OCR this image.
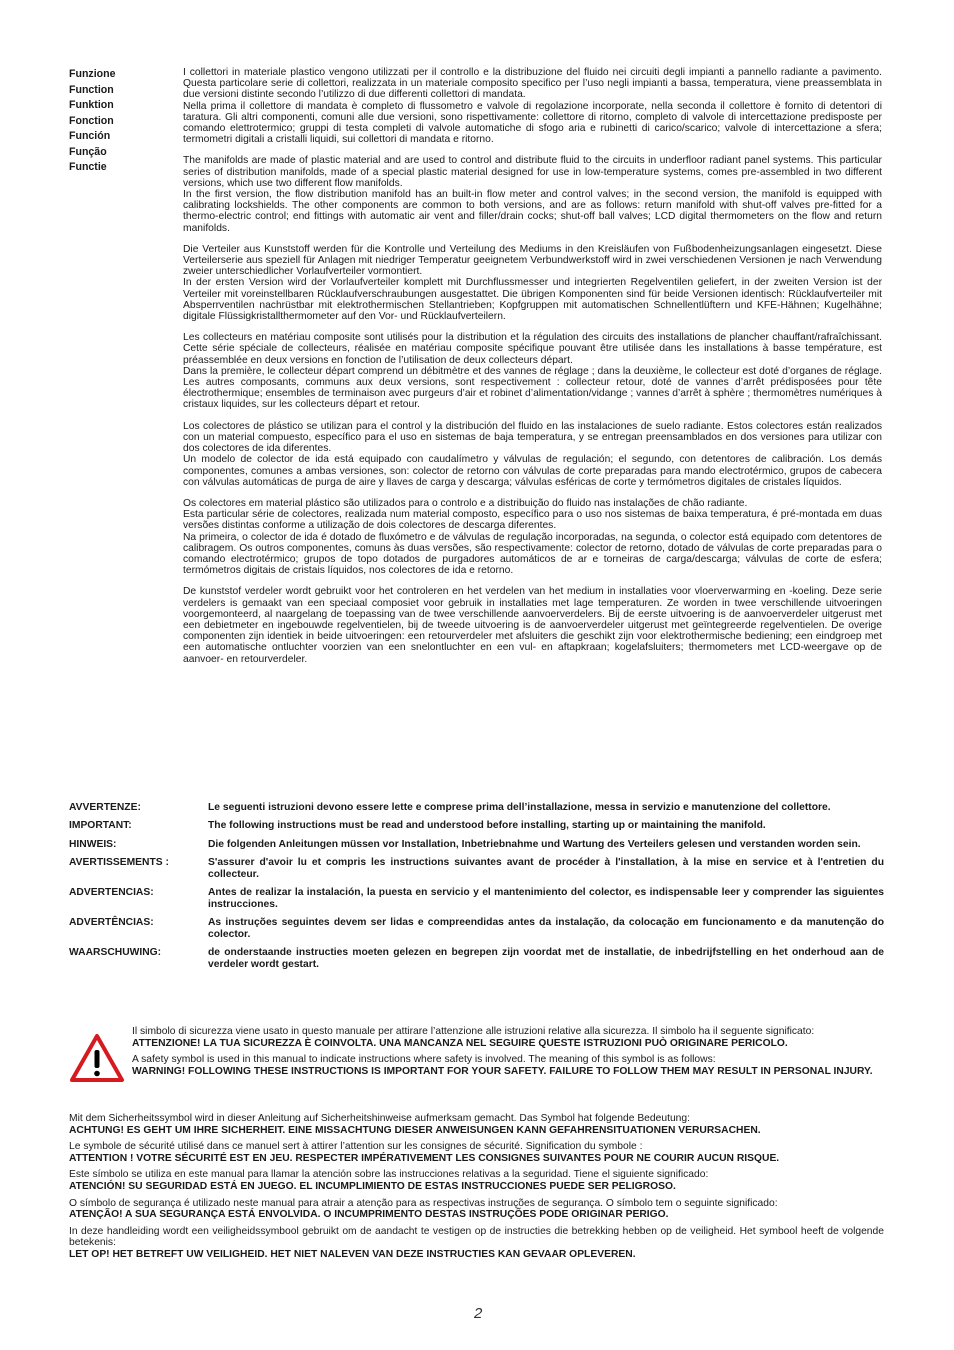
Funzione
Function
Funktion
Fonction
Función
Função
Functie

I collettori in materiale plastico vengono utilizzati per il controllo e la distribuzione del fluido nei circuiti degli impianti a pannello radiante a pavimento. Questa particolare serie di collettori, realizzata in un materiale composito specifico per l’uso negli impianti a bassa, temperatura, viene preassemblata in due versioni distinte secondo l’utilizzo di due differenti collettori di mandata.

Nella prima il collettore di mandata è completo di flussometro e valvole di regolazione incorporate, nella seconda il collettore è fornito di detentori di taratura. Gli altri componenti, comuni alle due versioni, sono rispettivamente: collettore di ritorno, completo di valvole di intercettazione predisposte per comando elettrotermico; gruppi di testa completi di valvole automatiche di sfogo aria e rubinetti di carico/scarico; valvole di intercettazione a sfera; termometri digitali a cristalli liquidi, sui collettori di mandata e ritorno.

The manifolds are made of plastic material and are used to control and distribute fluid to the circuits in underfloor radiant panel systems. This particular series of distribution manifolds, made of a special plastic material designed for use in low-temperature systems, comes pre-assembled in two different versions, which use two different flow manifolds.

In the first version, the flow distribution manifold has an built-in flow meter and control valves; in the second version, the manifold is equipped with calibrating lockshields. The other components are common to both versions, and are as follows: return manifold with shut-off valves pre-fitted for a thermo-electric control; end fittings with automatic air vent and filler/drain cocks; shut-off ball valves; LCD digital thermometers on the flow and return manifolds.

Die Verteiler aus Kunststoff werden für die Kontrolle und Verteilung des Mediums in den Kreisläufen von Fußbodenheizungsanlagen eingesetzt. Diese Verteilerserie aus speziell für Anlagen mit niedriger Temperatur geeignetem Verbundwerkstoff wird in zwei verschiedenen Versionen je nach Verwendung zweier unterschiedlicher Vorlaufverteiler vormontiert.

In der ersten Version wird der Vorlaufverteiler komplett mit Durchflussmesser und integrierten Regelventilen geliefert, in der zweiten Version ist der Verteiler mit voreinstellbaren Rücklaufverschraubungen ausgestattet. Die übrigen Komponenten sind für beide Versionen identisch: Rücklaufverteiler mit Absperrventilen nachrüstbar mit elektrothermischen Stellantrieben; Kopfgruppen mit automatischen Schnellentlüftern und KFE-Hähnen; Kugelhähne; digitale Flüssigkristallthermometer auf den Vor- und Rücklaufverteilern.

Les collecteurs en matériau composite sont utilisés pour la distribution et la régulation des circuits des installations de plancher chauffant/rafraîchissant. Cette série spéciale de collecteurs, réalisée en matériau composite spécifique pouvant être utilisée dans les installations à basse température, est préassemblée en deux versions en fonction de l’utilisation de deux collecteurs départ.

Dans la première, le collecteur départ comprend un débitmètre et des vannes de réglage ; dans la deuxième, le collecteur est doté d’organes de réglage. Les autres composants, communs aux deux versions, sont respectivement : collecteur retour, doté de vannes d’arrêt prédisposées pour tête électrothermique; ensembles de terminaison avec purgeurs d’air et robinet d’alimentation/vidange ; vannes d’arrêt à sphère ; thermomètres numériques à cristaux liquides, sur les collecteurs départ et retour.

Los colectores de plástico se utilizan para el control y la distribución del fluido en las instalaciones de suelo radiante. Estos colectores están realizados con un material compuesto, específico para el uso en sistemas de baja temperatura, y se entregan preensamblados en dos versiones para utilizar con dos colectores de ida diferentes.

Un modelo de colector de ida está equipado con caudalímetro y válvulas de regulación; el segundo, con detentores de calibración. Los demás componentes, comunes a ambas versiones, son: colector de retorno con válvulas de corte preparadas para mando electrotérmico, grupos de cabecera con válvulas automáticas de purga de aire y llaves de carga y descarga; válvulas esféricas de corte y termómetros digitales de cristales líquidos.

Os colectores em material plástico são utilizados para o controlo e a distribuição do fluido nas instalações de chão radiante.

Esta particular série de colectores, realizada num material composto, específico para o uso nos sistemas de baixa temperatura, é pré-montada em duas versões distintas conforme a utilização de dois colectores de descarga diferentes.

Na primeira, o colector de ida é dotado de fluxómetro e de válvulas de regulação incorporadas, na segunda, o colector está equipado com detentores de calibragem. Os outros componentes, comuns às duas versões, são respectivamente: colector de retorno, dotado de válvulas de corte preparadas para o comando electrotérmico; grupos de topo dotados de purgadores automáticos de ar e torneiras de carga/descarga; válvulas de corte de esfera; termómetros digitais de cristais líquidos, nos colectores de ida e retorno.

De kunststof verdeler wordt gebruikt voor het controleren en het verdelen van het medium in installaties voor vloerverwarming en -koeling. Deze serie verdelers is gemaakt van een speciaal composiet voor gebruik in installaties met lage temperaturen. Ze worden in twee verschillende uitvoeringen voorgemonteerd, al naargelang de toepassing van de twee verschillende aanvoerverdelers. Bij de eerste uitvoering is de aanvoerverdeler uitgerust met een debietmeter en ingebouwde regelventielen, bij de tweede uitvoering is de aanvoerverdeler uitgerust met geïntegreerde regelventielen. De overige componenten zijn identiek in beide uitvoeringen: een retourverdeler met afsluiters die geschikt zijn voor elektrothermische bediening; een eindgroep met een automatische ontluchter voorzien van een snelontluchter en een vul- en aftapkraan; kogelafsluiters; thermometers met LCD-weergave op de aanvoer- en retourverdeler.

AVVERTENZE:	Le seguenti istruzioni devono essere lette e comprese prima dell’installazione, messa in servizio e manutenzione del collettore.
IMPORTANT:	The following instructions must be read and understood before installing, starting up or maintaining the manifold.
HINWEIS:	Die folgenden Anleitungen müssen vor Installation, Inbetriebnahme und Wartung des Verteilers gelesen und verstanden worden sein.
AVERTISSEMENTS :	S'assurer d'avoir lu et compris les instructions suivantes avant de procéder à l'installation, à la mise en service et à l'entretien du collecteur.
ADVERTENCIAS:	Antes de realizar la instalación, la puesta en servicio y el mantenimiento del colector, es indispensable leer y comprender las siguientes instrucciones.
ADVERTÊNCIAS:	As instruções seguintes devem ser lidas e compreendidas antes da instalação, da colocação em funcionamento e da manutenção do colector.
WAARSCHUWING:	de onderstaande instructies moeten gelezen en begrepen zijn voordat met de installatie, de inbedrijfstelling en het onderhoud aan de verdeler wordt gestart.

Il simbolo di sicurezza viene usato in questo manuale per attirare l’attenzione alle istruzioni relative alla sicurezza. Il simbolo ha il seguente significato:

ATTENZIONE! LA TUA SICUREZZA È COINVOLTA. UNA MANCANZA NEL SEGUIRE QUESTE ISTRUZIONI PUÒ ORIGINARE PERICOLO.

A safety symbol is used in this manual to indicate instructions where safety is involved. The meaning of this symbol is as follows:

WARNING! FOLLOWING THESE INSTRUCTIONS IS IMPORTANT FOR YOUR SAFETY. FAILURE TO FOLLOW THEM MAY RESULT IN PERSONAL INJURY.

Mit dem Sicherheitssymbol wird in dieser Anleitung auf Sicherheitshinweise aufmerksam gemacht. Das Symbol hat folgende Bedeutung:

ACHTUNG! ES GEHT UM IHRE SICHERHEIT. EINE MISSACHTUNG DIESER ANWEISUNGEN KANN GEFAHRENSITUATIONEN VERURSACHEN.

Le symbole de sécurité utilisé dans ce manuel sert à attirer l’attention sur les consignes de sécurité. Signification du symbole :

ATTENTION ! VOTRE SÉCURITÉ EST EN JEU. RESPECTER IMPÉRATIVEMENT LES CONSIGNES SUIVANTES POUR NE COURIR AUCUN RISQUE.

Este símbolo se utiliza en este manual para llamar la atención sobre las instrucciones relativas a la seguridad. Tiene el siguiente significado:

ATENCIÓN! SU SEGURIDAD ESTÁ EN JUEGO. EL INCUMPLIMIENTO DE ESTAS INSTRUCCIONES PUEDE SER PELIGROSO.

O símbolo de segurança é utilizado neste manual para atrair a atenção para as respectivas instruções de segurança. O símbolo tem o seguinte significado:

ATENÇÃO! A SUA SEGURANÇA ESTÁ ENVOLVIDA. O INCUMPRIMENTO DESTAS INSTRUÇÕES PODE ORIGINAR PERIGO.

In deze handleiding wordt een veiligheidssymbool gebruikt om de aandacht te vestigen op de instructies die betrekking hebben op de veiligheid. Het symbool heeft de volgende betekenis:

LET OP! HET BETREFT UW VEILIGHEID. HET NIET NALEVEN VAN DEZE INSTRUCTIES KAN GEVAAR OPLEVEREN.

2
